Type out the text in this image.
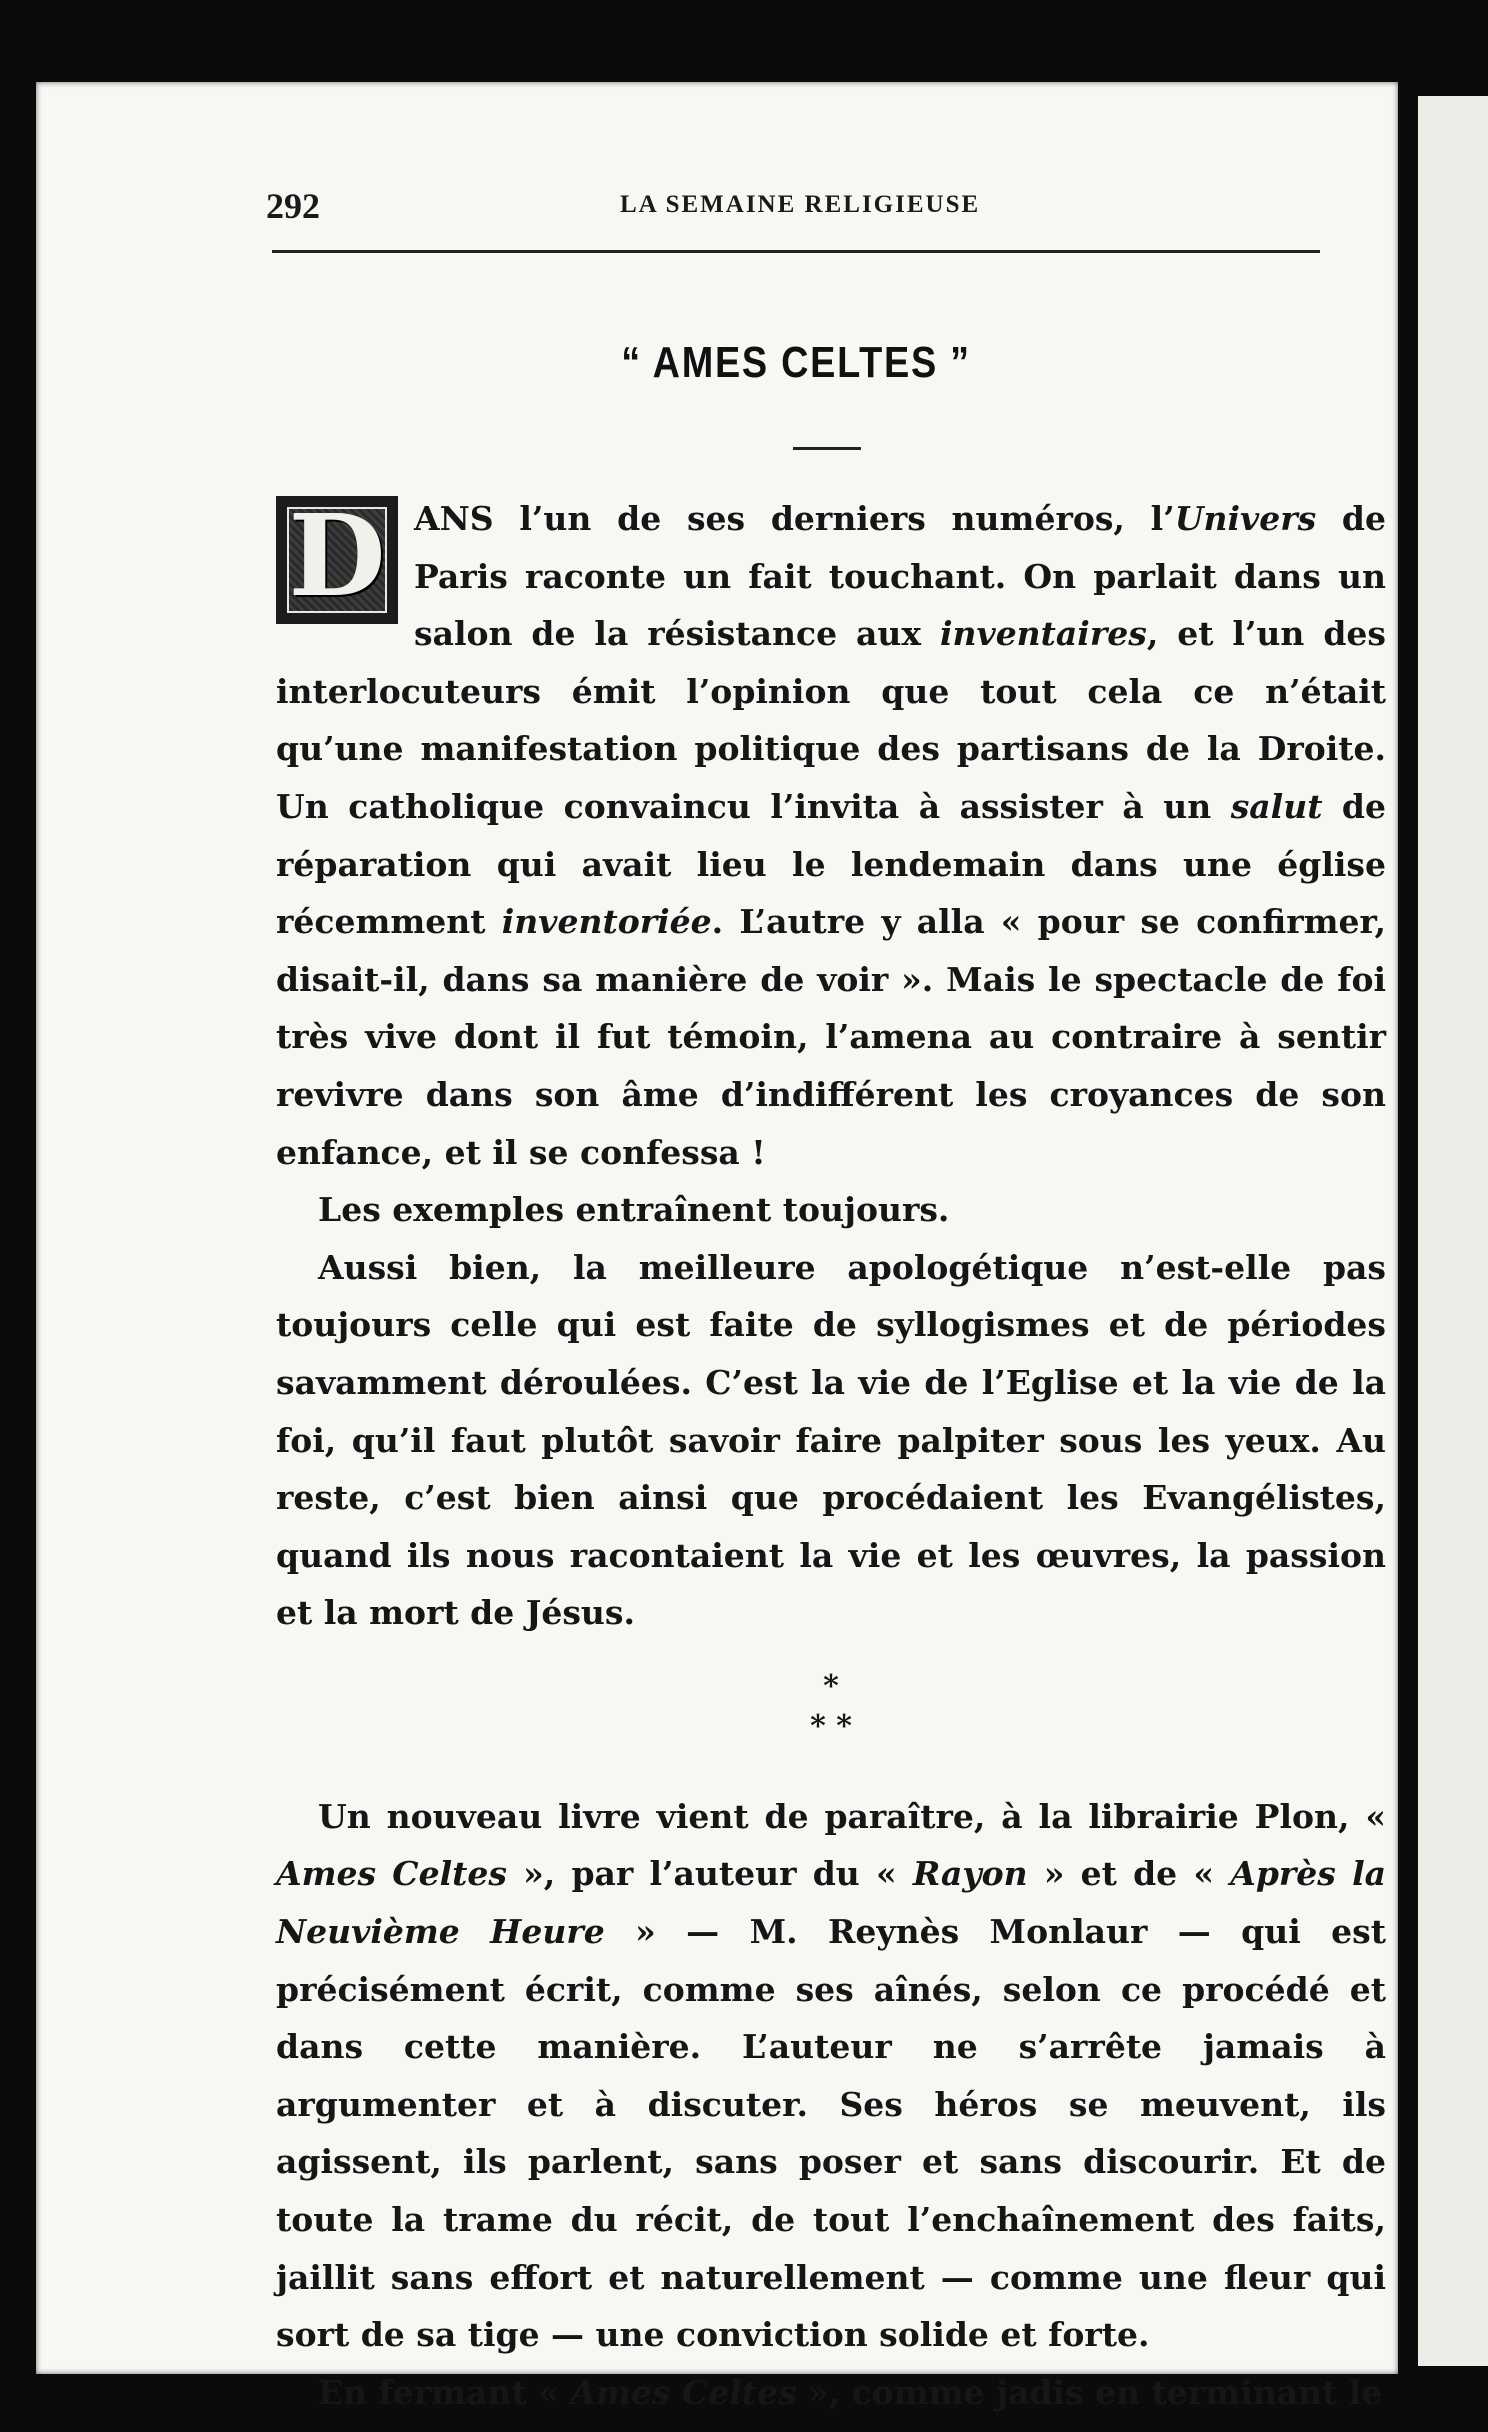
292	LA SEMAINE RELIGIEUSE
“ AMES CELTES ”

D ANS l’un de ses derniers numéros, l’Univers de Paris raconte un fait touchant. On parlait dans un salon de la résistance aux inventaires, et l’un des interlocuteurs émit l’opinion que tout cela ce n’était qu’une manifestation politique des partisans de la Droite. Un catholique convaincu l’invita à assister à un salut de réparation qui avait lieu le lendemain dans une église récemment inventoriée. L’autre y alla « pour se confirmer, disait-il, dans sa manière de voir ». Mais le spectacle de foi très vive dont il fut témoin, l’amena au contraire à sentir revivre dans son âme d’indifférent les croyances de son enfance, et il se confessa !

Les exemples entraînent toujours.

Aussi bien, la meilleure apologétique n’est-elle pas toujours celle qui est faite de syllogismes et de périodes savamment déroulées. C’est la vie de l’Eglise et la vie de la foi, qu’il faut plutôt savoir faire palpiter sous les yeux. Au reste, c’est bien ainsi que procédaient les Evangélistes, quand ils nous racontaient la vie et les œuvres, la passion et la mort de Jésus.

*
* *

Un nouveau livre vient de paraître, à la librairie Plon, « Ames Celtes », par l’auteur du « Rayon » et de « Après la Neuvième Heure » — M. Reynès Monlaur — qui est précisément écrit, comme ses aînés, selon ce procédé et dans cette manière. L’auteur ne s’arrête jamais à argumenter et à discuter. Ses héros se meuvent, ils agissent, ils parlent, sans poser et sans discourir. Et de toute la trame du récit, de tout l’enchaînement des faits, jaillit sans effort et naturellement — comme une fleur qui sort de sa tige — une conviction solide et forte.

En fermant « Ames Celtes », comme jadis en terminant le
